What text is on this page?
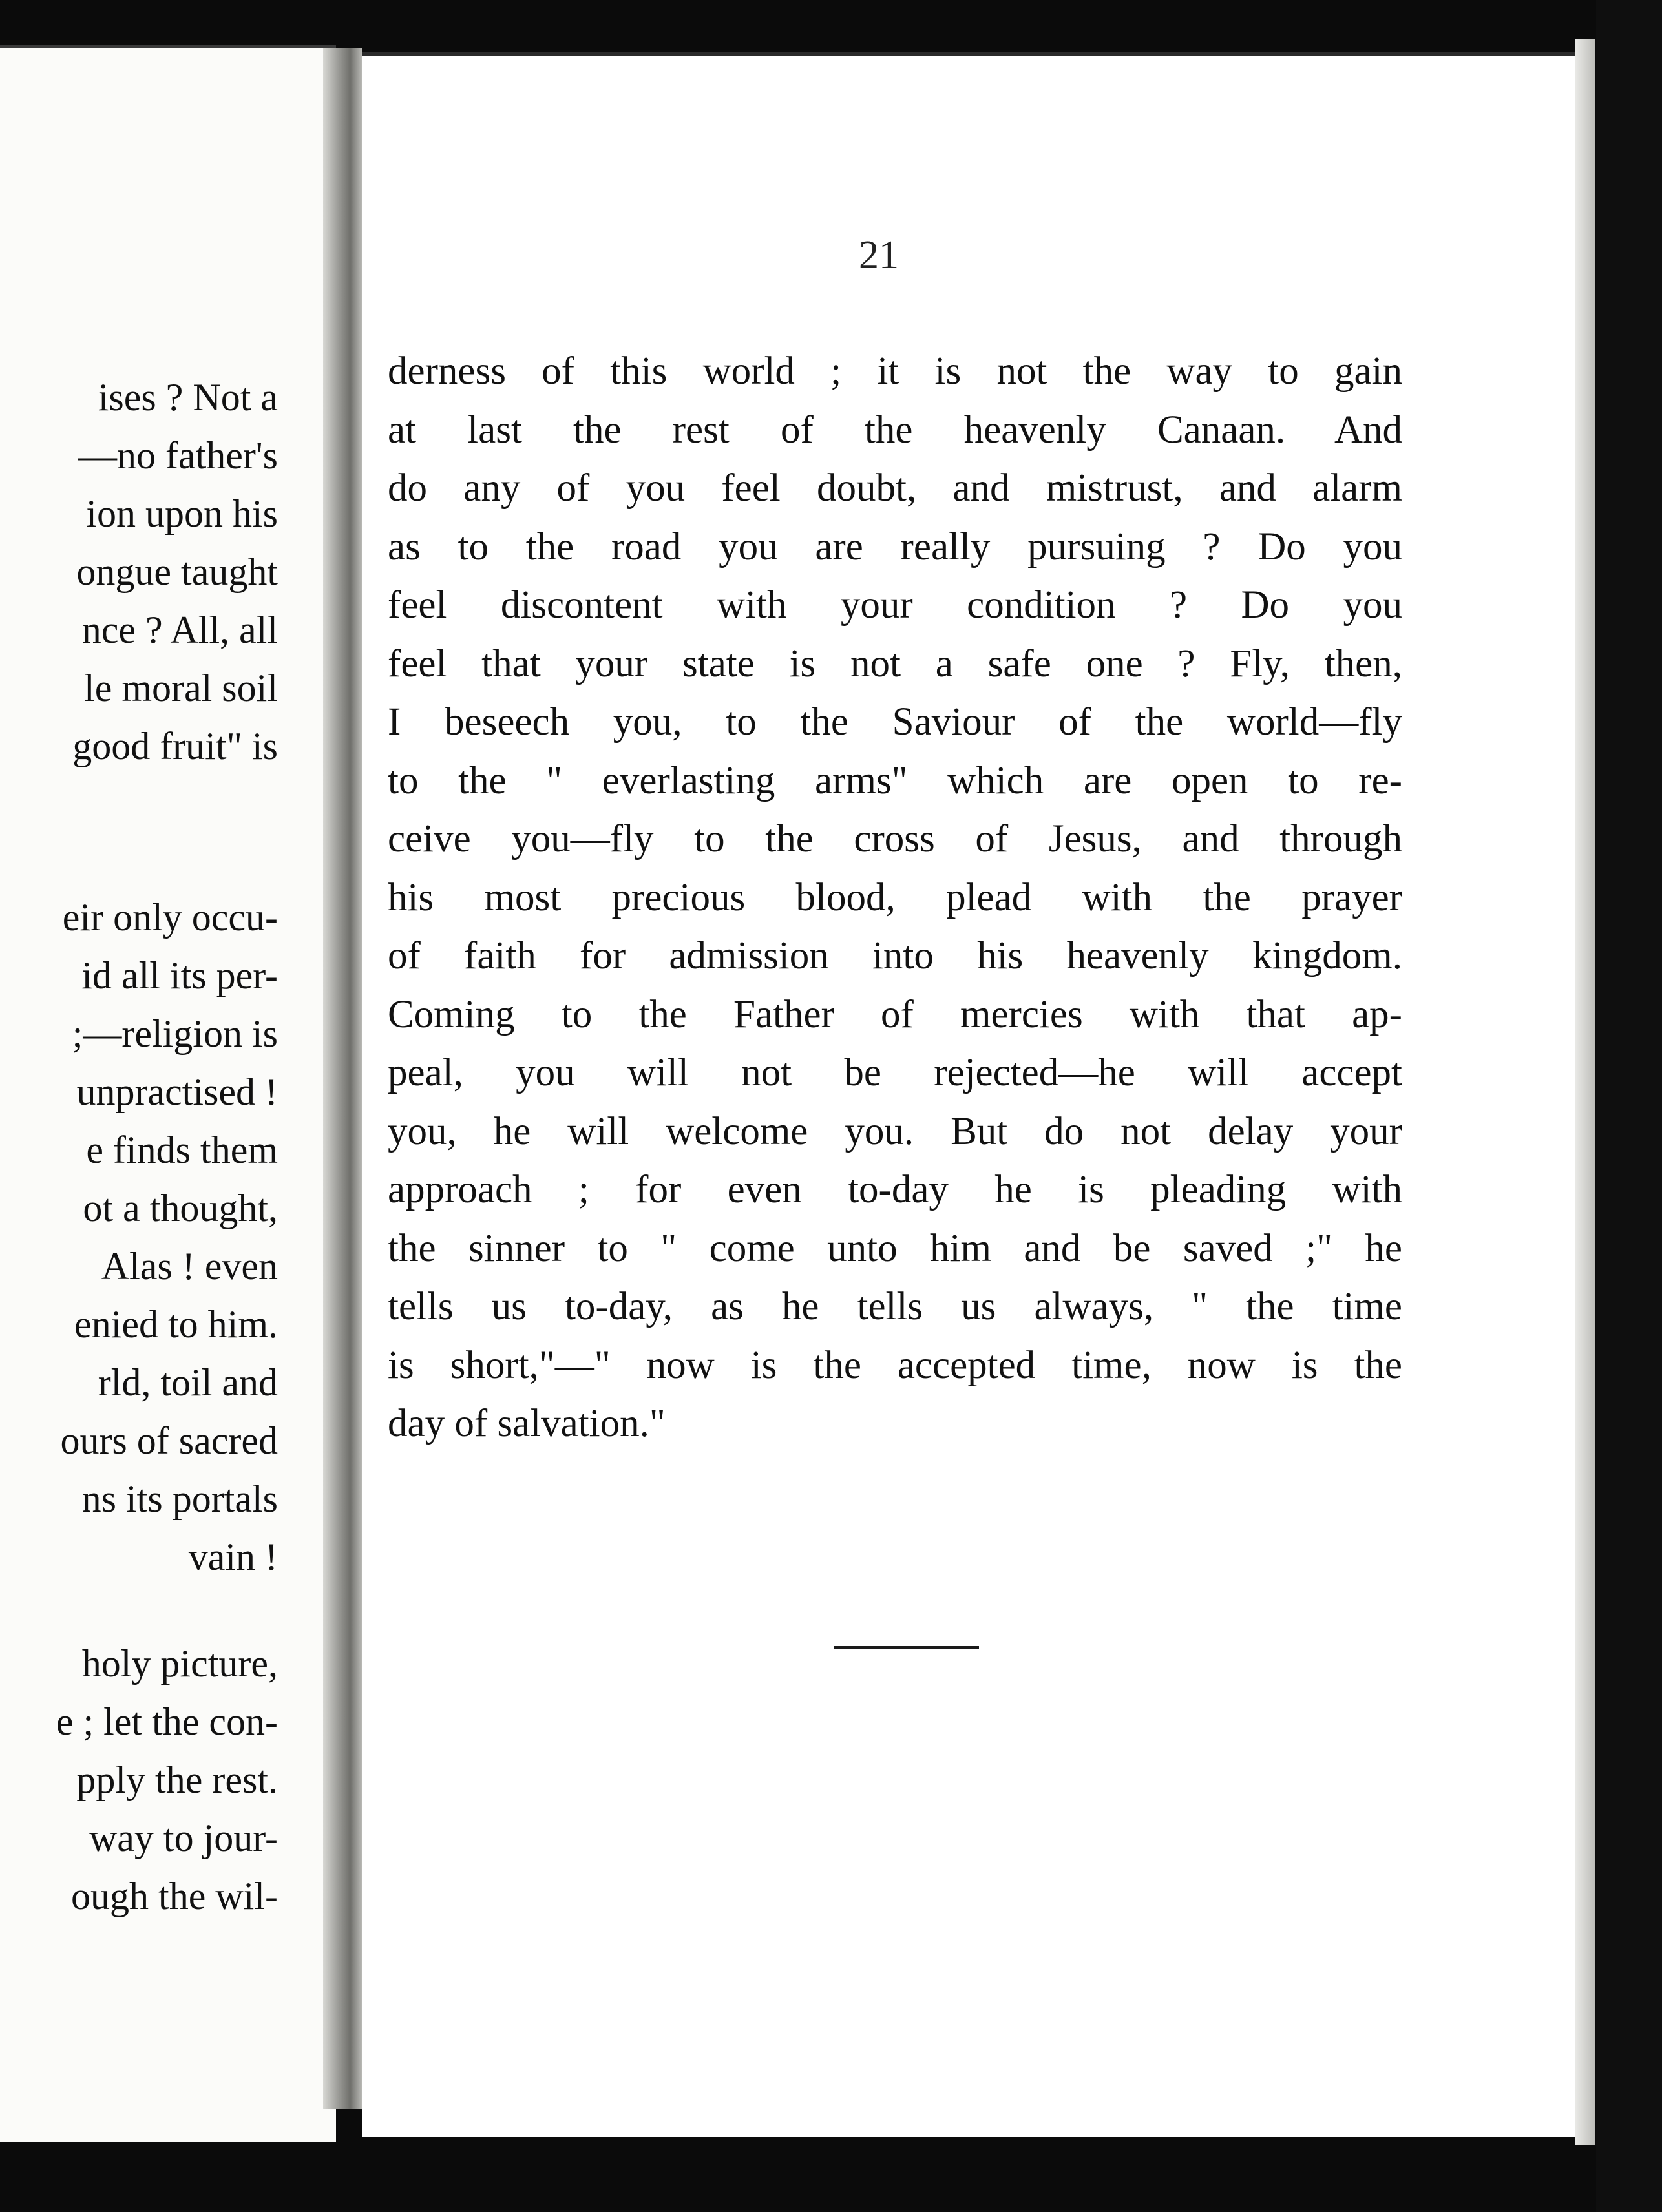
ises ? Not a
—no father's
ion upon his
ongue taught
nce ? All, all
le moral soil
good fruit" is
eir only occu-
id all its per-
;—religion is
unpractised !
e finds them
ot a thought,
Alas ! even
enied to him.
rld, toil and
ours of sacred
ns its portals
vain !
holy picture,
e ; let the con-
pply the rest.
way to jour-
ough the wil-
21
derness of this world ; it is not the way to gain
at last the rest of the heavenly Canaan. And
do any of you feel doubt, and mistrust, and alarm
as to the road you are really pursuing ? Do you
feel discontent with your condition ? Do you
feel that your state is not a safe one ? Fly, then,
I beseech you, to the Saviour of the world—fly
to the " everlasting arms" which are open to re-
ceive you—fly to the cross of Jesus, and through
his most precious blood, plead with the prayer
of faith for admission into his heavenly kingdom.
Coming to the Father of mercies with that ap-
peal, you will not be rejected—he will accept
you, he will welcome you. But do not delay your
approach ; for even to-day he is pleading with
the sinner to " come unto him and be saved ;" he
tells us to-day, as he tells us always, " the time
is short,"—" now is the accepted time, now is the
day of salvation."
